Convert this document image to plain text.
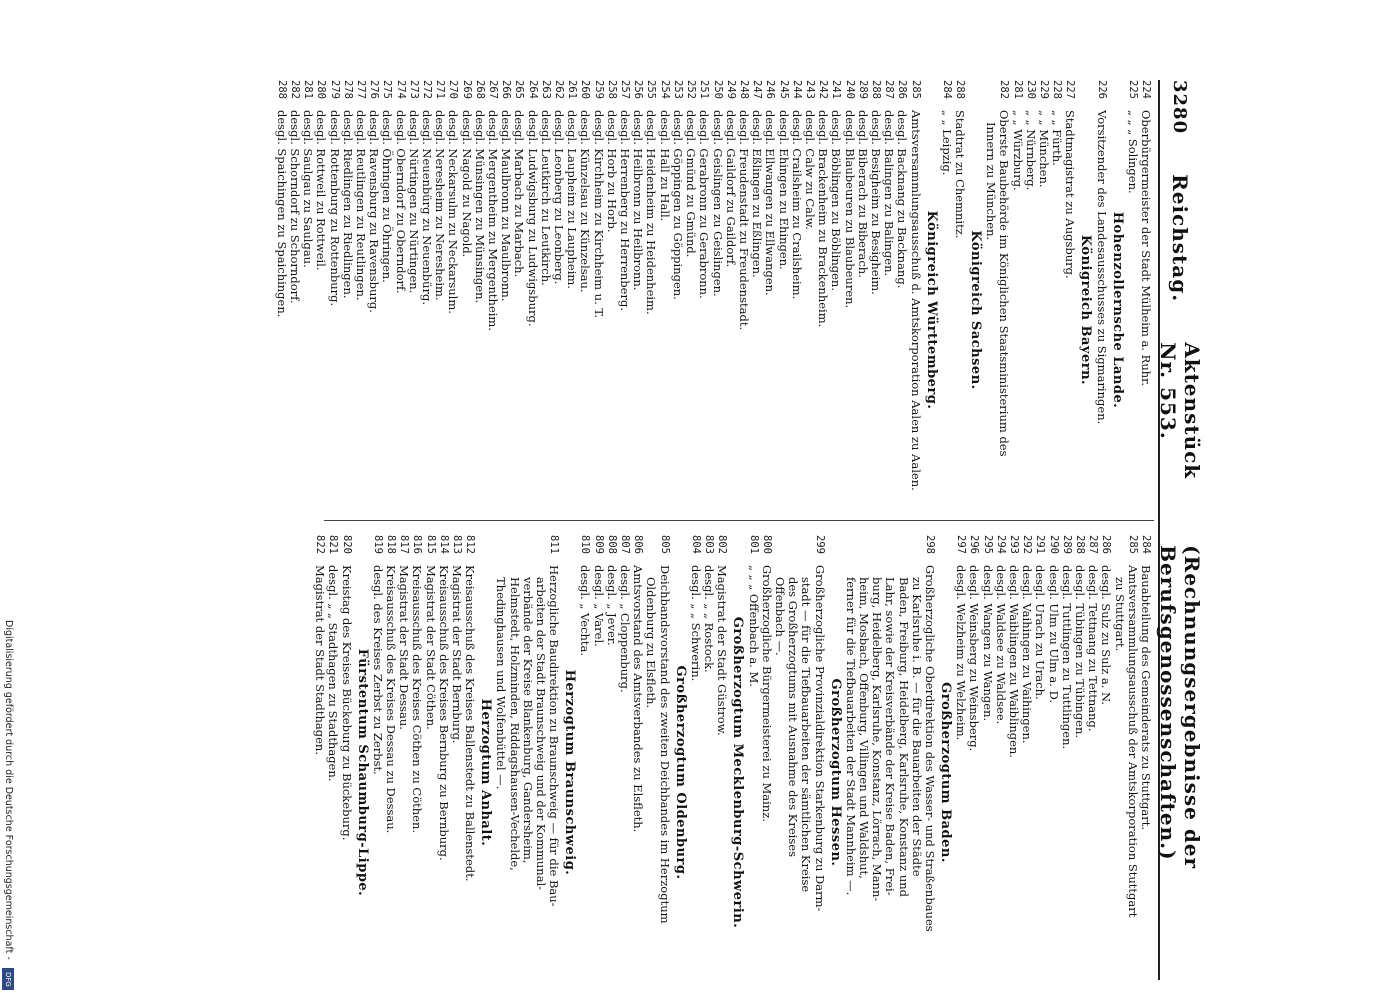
3280
Reichstag.
Aktenstück Nr. 553.
(Rechnungsergebnisse der Berufsgenossenschaften.)
224
Oberbürgermeister der Stadt Mülheim a. Ruhr.
225
„ „ „ Solingen.
Hohenzollernsche Lande.
226
Vorsitzender des Landesausschusses zu Sigmaringen.
Königreich Bayern.
227
Stadtmagistrat zu Augsburg.
228
„ „ Fürth.
229
„ „ München.
230
„ „ Nürnberg.
281
„ „ Würzburg.
282
Oberste Baubehörde im Königlichen Staatsministerium des
Innern zu München.
Königreich Sachsen.
288
Stadtrat zu Chemnitz.
284
„ „ Leipzig.
Königreich Württemberg.
285
Amtsversammlungsausschuß d. Amtskorporation Aalen zu Aalen.
286
desgl. Backnang zu Backnang.
287
desgl. Balingen zu Balingen.
288
desgl. Besigheim zu Besigheim.
289
desgl. Biberach zu Biberach.
240
desgl. Blaubeuren zu Blaubeuren.
241
desgl. Böblingen zu Böblingen.
242
desgl. Brackenheim zu Brackenheim.
243
desgl. Calw zu Calw.
244
desgl. Crailsheim zu Crailsheim.
245
desgl. Ehingen zu Ehingen.
246
desgl. Ellwangen zu Ellwangen.
247
desgl. Eßlingen zu Eßlingen.
248
desgl. Freudenstadt zu Freudenstadt.
249
desgl. Gaildorf zu Gaildorf.
250
desgl. Geislingen zu Geislingen.
251
desgl. Gerabronn zu Gerabronn.
252
desgl. Gmünd zu Gmünd.
253
desgl. Göppingen zu Göppingen.
254
desgl. Hall zu Hall.
255
desgl. Heidenheim zu Heidenheim.
256
desgl. Heilbronn zu Heilbronn.
257
desgl. Herrenberg zu Herrenberg.
258
desgl. Horb zu Horb.
259
desgl. Kirchheim zu Kirchheim u. T.
260
desgl. Künzelsau zu Künzelsau.
261
desgl. Laupheim zu Laupheim.
262
desgl. Leonberg zu Leonberg.
263
desgl. Leutkirch zu Leutkirch.
264
desgl. Ludwigsburg zu Ludwigsburg.
265
desgl. Marbach zu Marbach.
266
desgl. Maulbronn zu Maulbronn.
267
desgl. Mergentheim zu Mergentheim.
268
desgl. Münsingen zu Münsingen.
269
desgl. Nagold zu Nagold.
270
desgl. Neckarsulm zu Neckarsulm.
271
desgl. Neresheim zu Neresheim.
272
desgl. Neuenbürg zu Neuenbürg.
273
desgl. Nürtingen zu Nürtingen.
274
desgl. Oberndorf zu Oberndorf.
275
desgl. Öhringen zu Öhringen.
276
desgl. Ravensburg zu Ravensburg.
277
desgl. Reutlingen zu Reutlingen.
278
desgl. Riedlingen zu Riedlingen.
279
desgl. Rottenburg zu Rottenburg.
280
desgl. Rottweil zu Rottweil.
281
desgl. Saulgau zu Saulgau.
282
desgl. Schorndorf zu Schorndorf.
288
desgl. Spaichingen zu Spaichingen.
284
Bauabteilung des Gemeinderats zu Stuttgart.
285
Amtsversammlungsausschuß der Amtskorporation Stuttgart
zu Stuttgart.
286
desgl. Sulz zu Sulz a. N.
287
desgl. Tettnang zu Tettnang.
288
desgl. Tübingen zu Tübingen.
289
desgl. Tuttlingen zu Tuttlingen.
290
desgl. Ulm zu Ulm a. D.
291
desgl. Urach zu Urach.
292
desgl. Vaihingen zu Vaihingen.
293
desgl. Waiblingen zu Waiblingen.
294
desgl. Waldsee zu Waldsee.
295
desgl. Wangen zu Wangen.
296
desgl. Weinsberg zu Weinsberg.
297
desgl. Welzheim zu Welzheim.
Großherzogtum Baden.
298
Großherzogliche Oberdirektion des Wasser- und Straßenbaues
zu Karlsruhe i. B. — für die Bauarbeiten der Städte
Baden, Freiburg, Heidelberg, Karlsruhe, Konstanz und
Lahr, sowie der Kreisverbände der Kreise Baden, Frei-
burg, Heidelberg, Karlsruhe, Konstanz, Lörrach, Mann-
heim, Mosbach, Offenburg, Villingen und Waldshut,
ferner für die Tiefbauarbeiten der Stadt Mannheim —.
Großherzogtum Hessen.
299
Großherzogliche Provinzialdirektion Starkenburg zu Darm-
stadt — für die Tiefbauarbeiten der sämtlichen Kreise
des Großherzogtums mit Ausnahme des Kreises
Offenbach —.
800
Großherzogliche Bürgermeisterei zu Mainz.
801
„ „ „ Offenbach a. M.
Großherzogtum Mecklenburg-Schwerin.
802
Magistrat der Stadt Güstrow.
803
desgl. „ „ Rostock.
804
desgl. „ „ Schwerin.
Großherzogtum Oldenburg.
805
Deichbandsvorstand des zweiten Deichbandes im Herzogtum
Oldenburg zu Elsfleth.
806
Amtsvorstand des Amtsverbandes zu Elsfleth.
807
desgl. „ Cloppenburg.
808
desgl. „ Jever.
809
desgl. „ Varel.
810
desgl. „ Vechta.
Herzogtum Braunschweig.
811
Herzogliche Baudirektion zu Braunschweig — für die Bau-
arbeiten der Stadt Braunschweig und der Kommunal-
verbände der Kreise Blankenburg, Gandersheim,
Helmstedt, Holzminden, Riddagshausen-Vechelde,
Thedinghausen und Wolfenbüttel —.
Herzogtum Anhalt.
812
Kreisausschuß des Kreises Ballenstedt zu Ballenstedt.
813
Magistrat der Stadt Bernburg.
814
Kreisausschuß des Kreises Bernburg zu Bernburg.
815
Magistrat der Stadt Cöthen.
816
Kreisausschuß des Kreises Cöthen zu Cöthen.
817
Magistrat der Stadt Dessau.
818
Kreisausschuß des Kreises Dessau zu Dessau.
819
desgl. des Kreises Zerbst zu Zerbst.
Fürstentum Schaumburg-Lippe.
820
Kreistag des Kreises Bückeburg zu Bückeburg.
821
desgl. „ „ Stadthagen zu Stadthagen.
822
Magistrat der Stadt Stadthagen.
Digitalisierung gefördert durch die Deutsche Forschungsgemeinschaft -
DFG
